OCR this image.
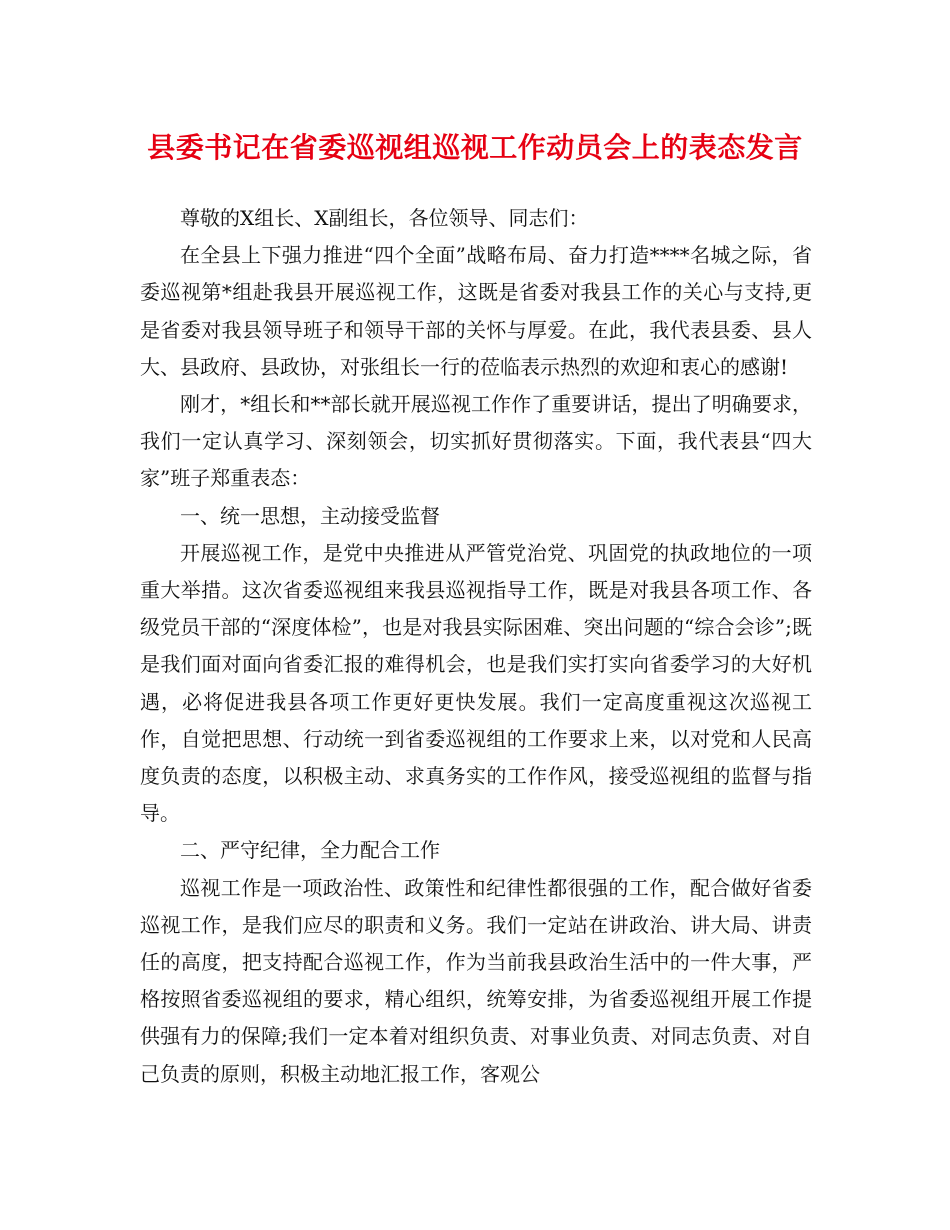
县委书记在省委巡视组巡视工作动员会上的表态发言

尊敬的X组长、X副组长，各位领导、同志们：

在全县上下强力推进“四个全面”战略布局、奋力打造****名城之际，省委巡视第*组赴我县开展巡视工作，这既是省委对我县工作的关心与支持,更是省委对我县领导班子和领导干部的关怀与厚爱。在此，我代表县委、县人大、县政府、县政协，对张组长一行的莅临表示热烈的欢迎和衷心的感谢!

刚才，*组长和**部长就开展巡视工作作了重要讲话，提出了明确要求，我们一定认真学习、深刻领会，切实抓好贯彻落实。下面，我代表县“四大家”班子郑重表态：

一、统一思想，主动接受监督

开展巡视工作，是党中央推进从严管党治党、巩固党的执政地位的一项重大举措。这次省委巡视组来我县巡视指导工作，既是对我县各项工作、各级党员干部的“深度体检”，也是对我县实际困难、突出问题的“综合会诊”;既是我们面对面向省委汇报的难得机会，也是我们实打实向省委学习的大好机遇，必将促进我县各项工作更好更快发展。我们一定高度重视这次巡视工作，自觉把思想、行动统一到省委巡视组的工作要求上来，以对党和人民高度负责的态度，以积极主动、求真务实的工作作风，接受巡视组的监督与指导。

二、严守纪律，全力配合工作

巡视工作是一项政治性、政策性和纪律性都很强的工作，配合做好省委巡视工作，是我们应尽的职责和义务。我们一定站在讲政治、讲大局、讲责任的高度，把支持配合巡视工作，作为当前我县政治生活中的一件大事，严格按照省委巡视组的要求，精心组织，统筹安排，为省委巡视组开展工作提供强有力的保障;我们一定本着对组织负责、对事业负责、对同志负责、对自己负责的原则，积极主动地汇报工作，客观公
